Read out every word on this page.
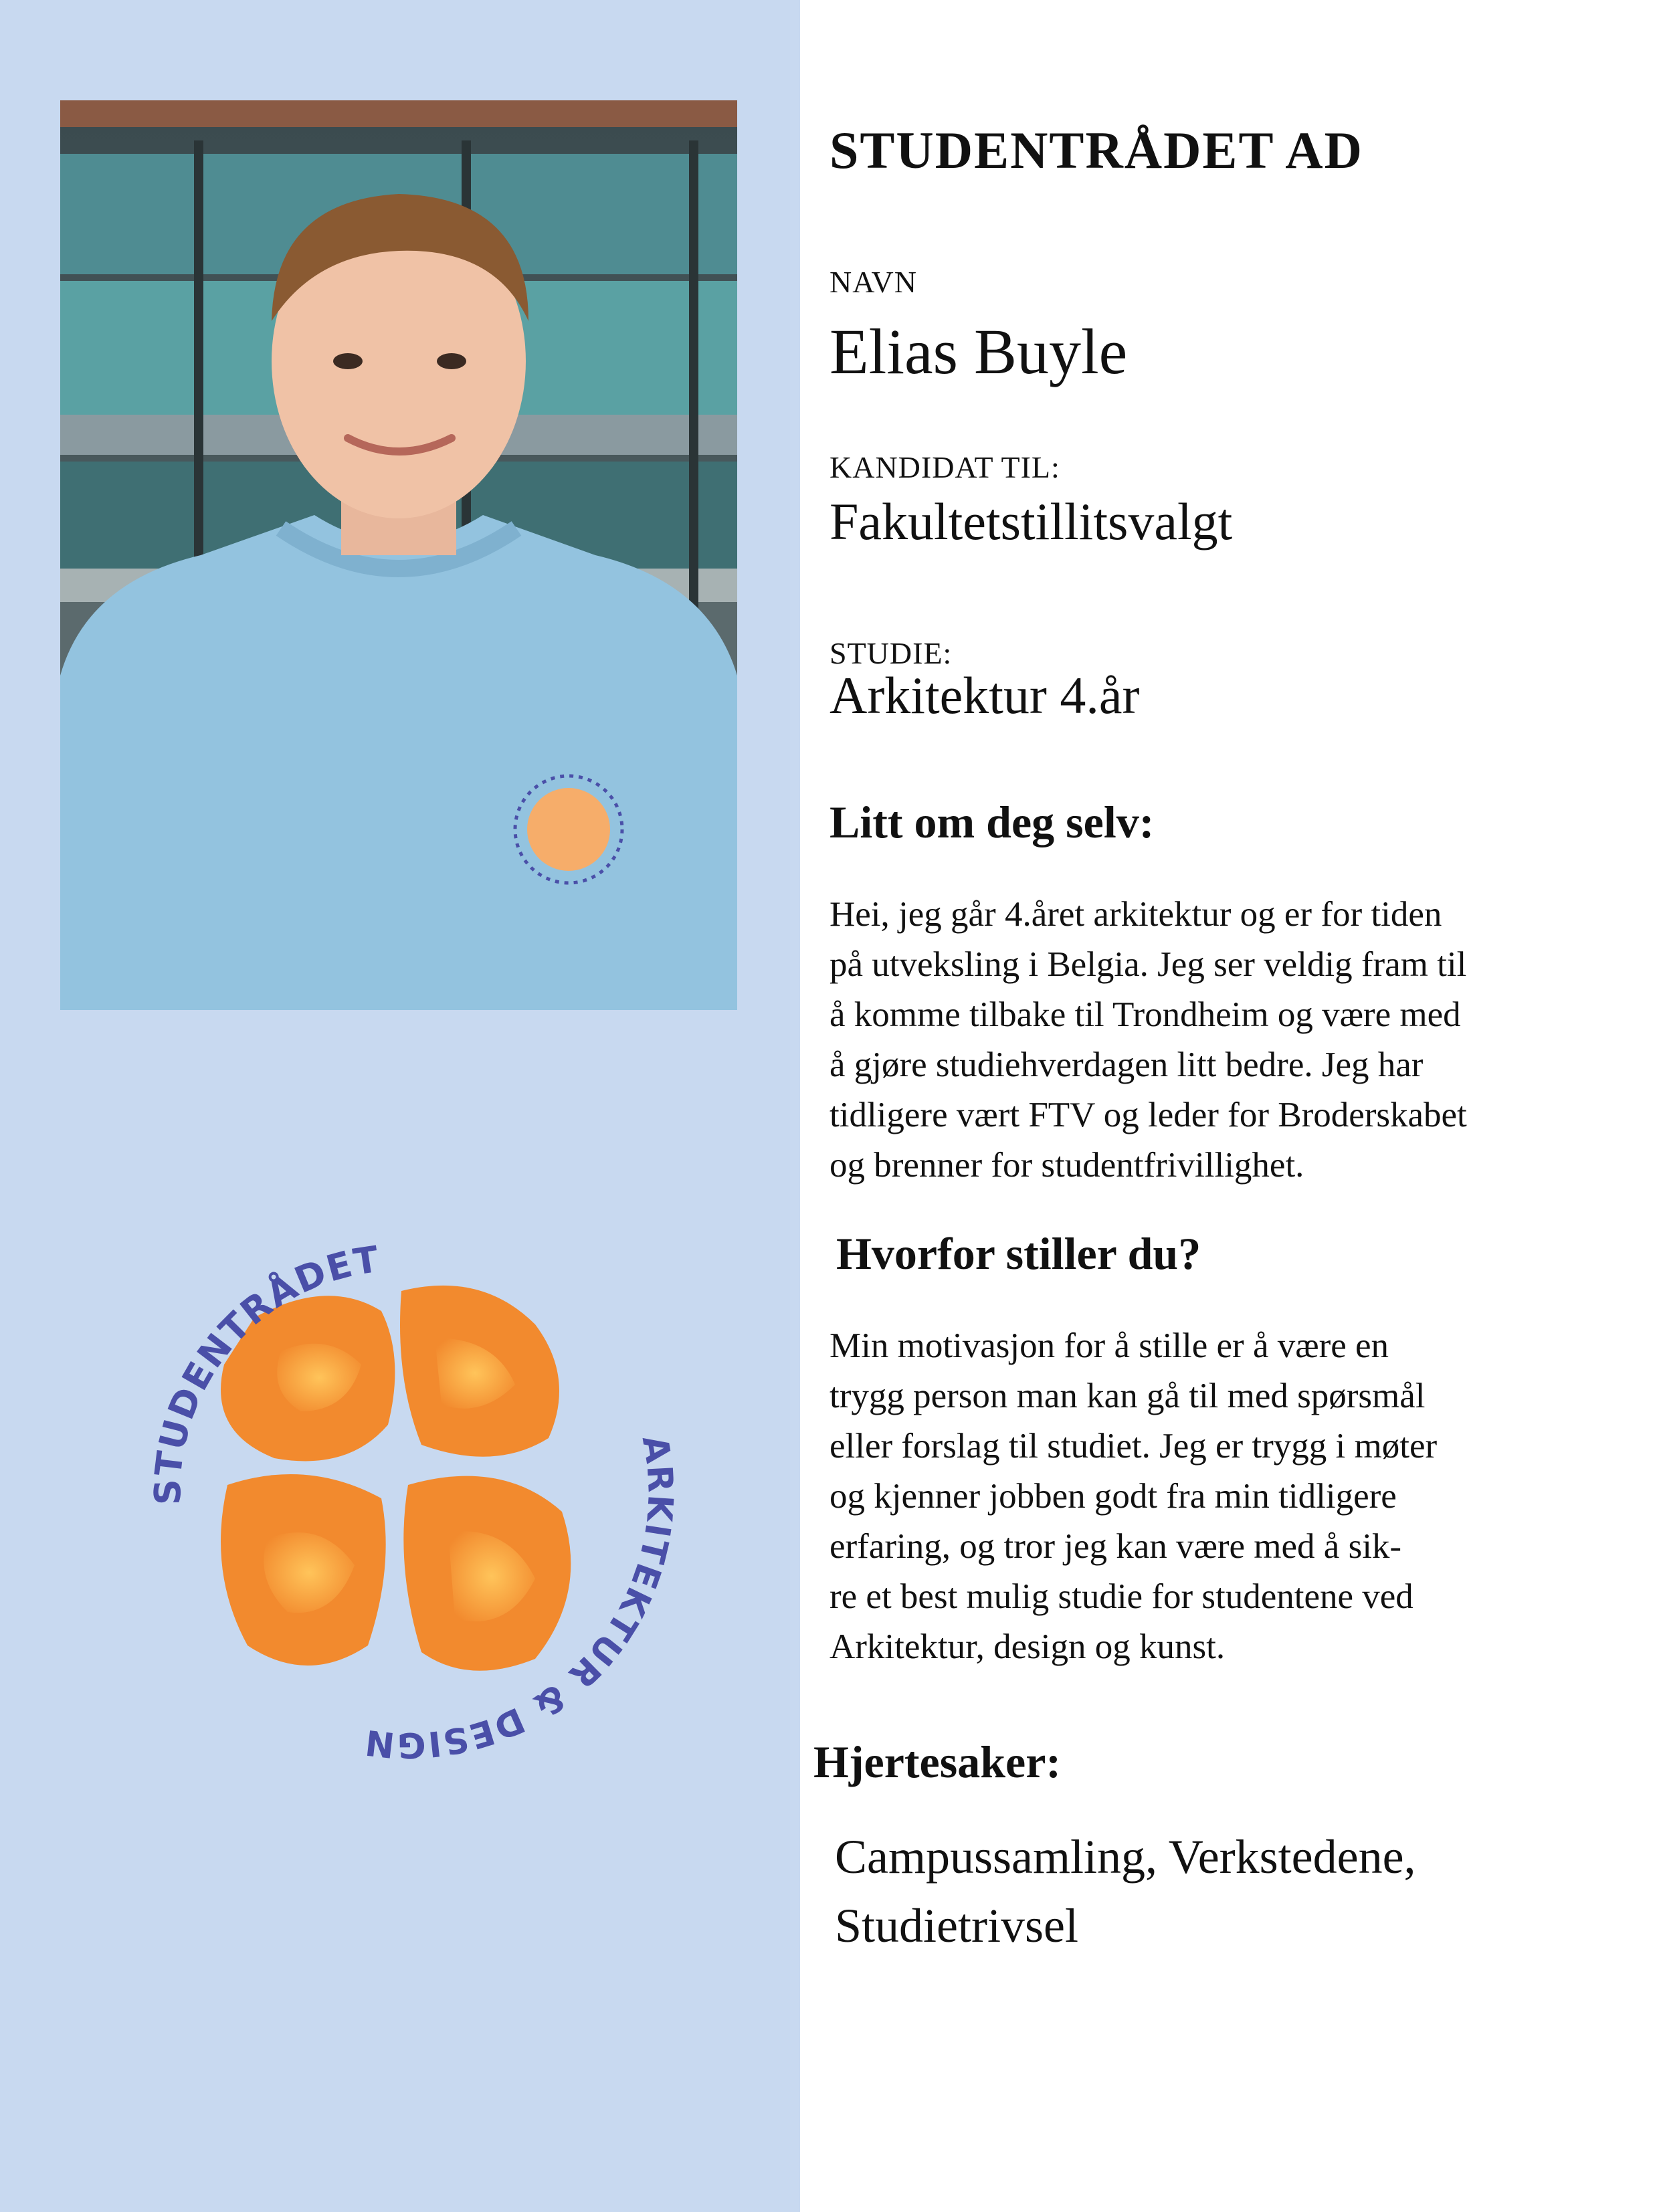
STUDENTRÅDET
ARKITEKTUR & DESIGN
STUDENTRÅDET AD

NAVN

Elias Buyle

KANDIDAT TIL:

Fakultetstillitsvalgt

STUDIE:

Arkitektur 4.år

Litt om deg selv:

Hei, jeg går 4.året arkitektur og er for tiden
på utveksling i Belgia. Jeg ser veldig fram til
å komme tilbake til Trondheim og være med
å gjøre studiehverdagen litt bedre. Jeg har
tidligere vært FTV og leder for Broderskabet
og brenner for studentfrivillighet.

Hvorfor stiller du?

Min motivasjon for å stille er å være en
trygg person man kan gå til med spørsmål
eller forslag til studiet. Jeg er trygg i møter
og kjenner jobben godt fra min tidligere
erfaring, og tror jeg kan være med å sik-
re et best mulig studie for studentene ved
Arkitektur, design og kunst.

Hjertesaker:

Campussamling, Verkstedene,
Studietrivsel
